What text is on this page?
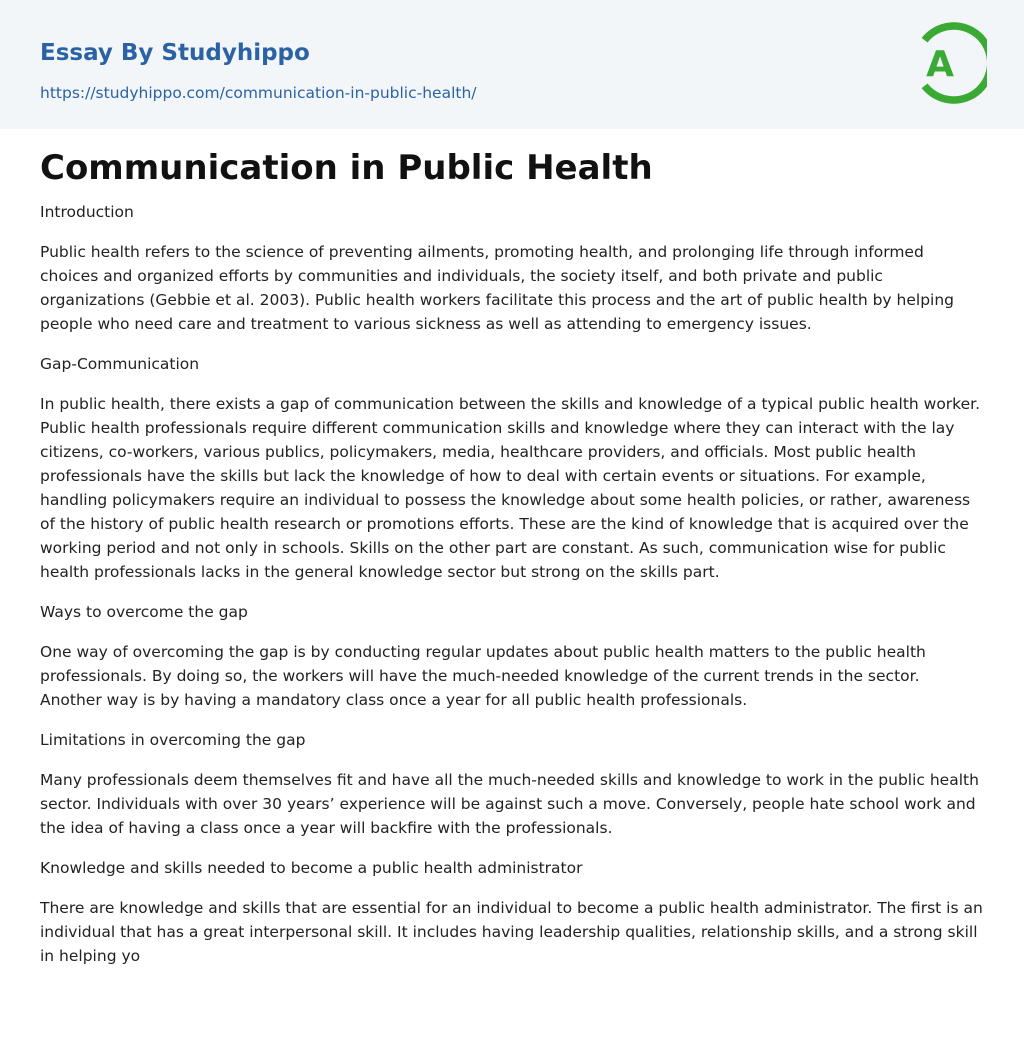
Essay By Studyhippo
https://studyhippo.com/communication-in-public-health/
A
Communication in Public Health

Introduction

Public health refers to the science of preventing ailments, promoting health, and prolonging life through informed choices and organized efforts by communities and individuals, the society itself, and both private and public organizations (Gebbie et al. 2003). Public health workers facilitate this process and the art of public health by helping people who need care and treatment to various sickness as well as attending to emergency issues.

Gap-Communication

In public health, there exists a gap of communication between the skills and knowledge of a typical public health worker. Public health professionals require different communication skills and knowledge where they can interact with the lay citizens, co-workers, various publics, policymakers, media, healthcare providers, and officials. Most public health professionals have the skills but lack the knowledge of how to deal with certain events or situations. For example, handling policymakers require an individual to possess the knowledge about some health policies, or rather, awareness of the history of public health research or promotions efforts. These are the kind of knowledge that is acquired over the working period and not only in schools. Skills on the other part are constant. As such, communication wise for public health professionals lacks in the general knowledge sector but strong on the skills part.

Ways to overcome the gap

One way of overcoming the gap is by conducting regular updates about public health matters to the public health professionals. By doing so, the workers will have the much-needed knowledge of the current trends in the sector. Another way is by having a mandatory class once a year for all public health professionals.

Limitations in overcoming the gap

Many professionals deem themselves fit and have all the much-needed skills and knowledge to work in the public health sector. Individuals with over 30 years’ experience will be against such a move. Conversely, people hate school work and the idea of having a class once a year will backfire with the professionals.

Knowledge and skills needed to become a public health administrator

There are knowledge and skills that are essential for an individual to become a public health administrator. The first is an individual that has a great interpersonal skill. It includes having leadership qualities, relationship skills, and a strong skill in helping yo
